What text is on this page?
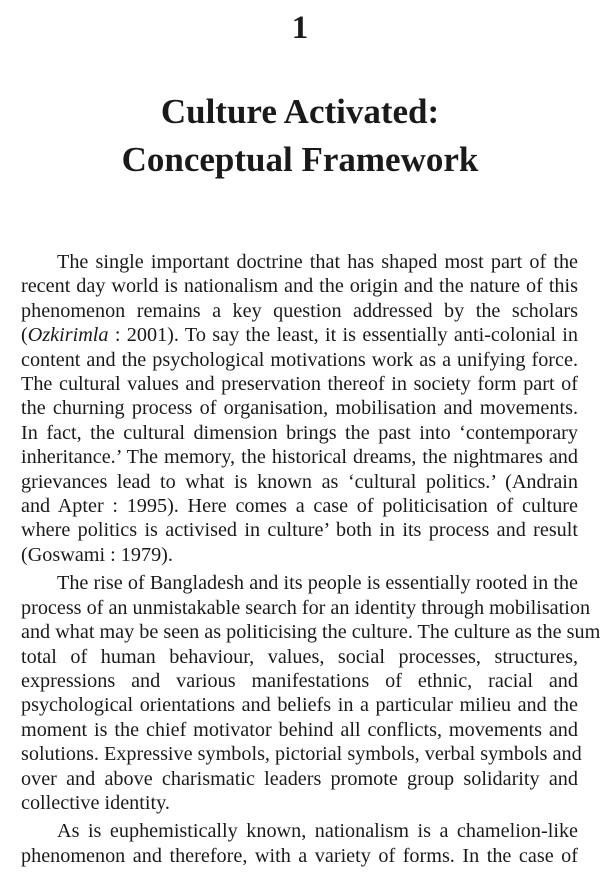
1
Culture Activated:
Conceptual Framework
The single important doctrine that has shaped most part of the
recent day world is nationalism and the origin and the nature of this
phenomenon remains a key question addressed by the scholars
(Ozkirimla : 2001). To say the least, it is essentially anti-colonial in
content and the psychological motivations work as a unifying force.
The cultural values and preservation thereof in society form part of
the churning process of organisation, mobilisation and movements.
In fact, the cultural dimension brings the past into ‘contemporary
inheritance.’ The memory, the historical dreams, the nightmares and
grievances lead to what is known as ‘cultural politics.’ (Andrain
and Apter : 1995). Here comes a case of politicisation of culture
where politics is activised in culture’ both in its process and result
(Goswami : 1979).
The rise of Bangladesh and its people is essentially rooted in the
process of an unmistakable search for an identity through mobilisation
and what may be seen as politicising the culture. The culture as the sum
total of human behaviour, values, social processes, structures,
expressions and various manifestations of ethnic, racial and
psychological orientations and beliefs in a particular milieu and the
moment is the chief motivator behind all conflicts, movements and
solutions. Expressive symbols, pictorial symbols, verbal symbols and
over and above charismatic leaders promote group solidarity and
collective identity.
As is euphemistically known, nationalism is a chamelion-like
phenomenon and therefore, with a variety of forms. In the case of
